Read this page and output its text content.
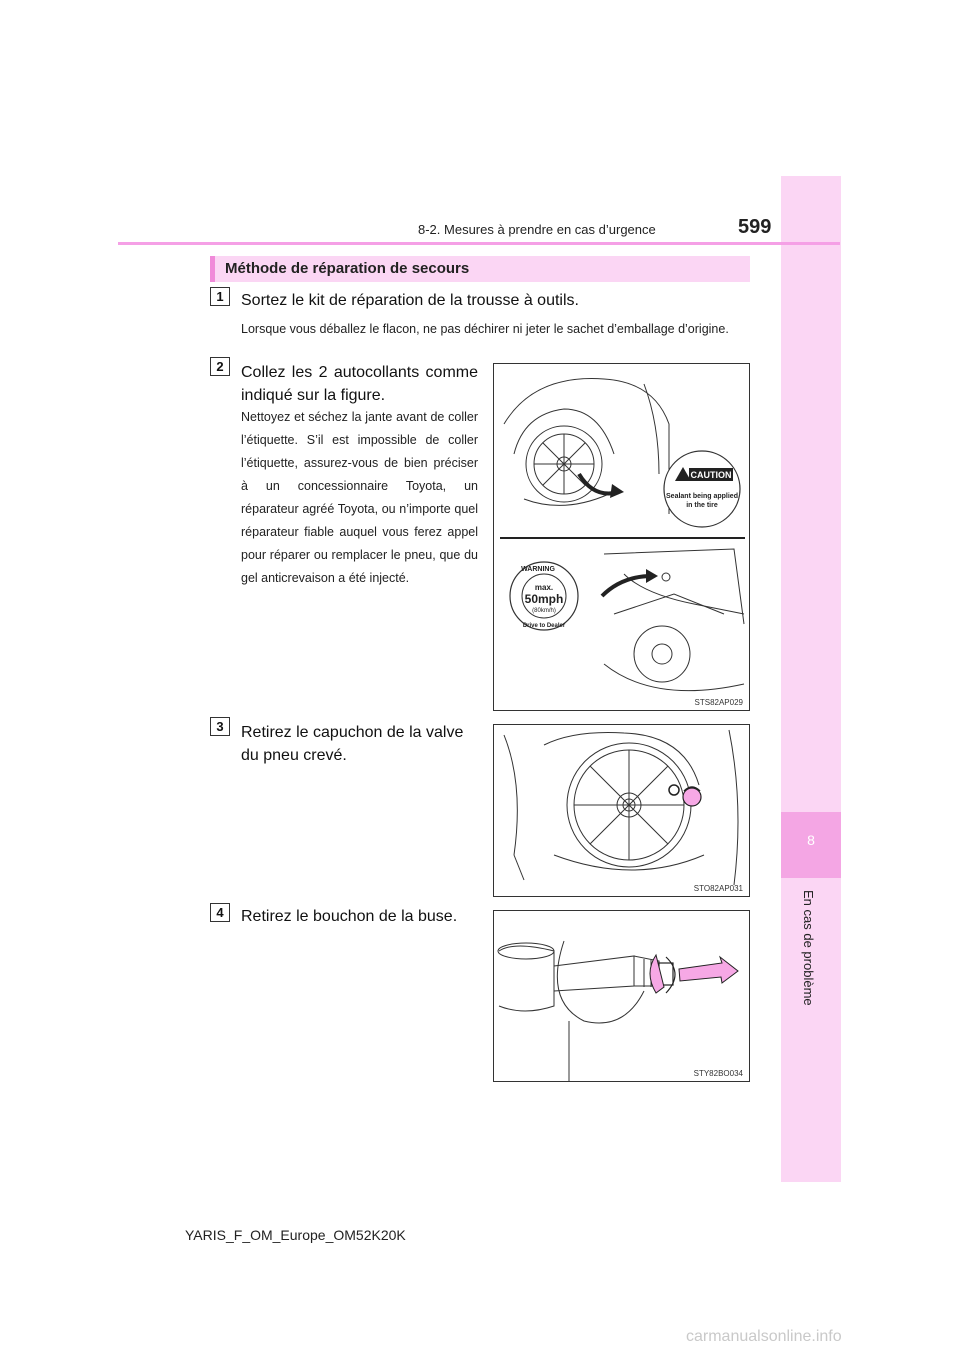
8
En cas de problème
8-2. Mesures à prendre en cas d’urgence	599
Méthode de réparation de secours
1	Sortez le kit de réparation de la trousse à outils.
Lorsque vous déballez le flacon, ne pas déchirer ni jeter le sachet d’emballage d’origine.
2	Collez les 2 autocollants comme indiqué sur la figure.
Nettoyez et séchez la jante avant de coller l’étiquette. S’il est impossible de coller l’étiquette, assurez-vous de bien préciser à un concessionnaire Toyota, un réparateur agréé Toyota, ou n’importe quel réparateur fiable auquel vous ferez appel pour réparer ou remplacer le pneu, que du gel anticrevaison a été injecté.
CAUTION
Sealant being applied
in the tire
WARNING
max.
50mph
(80km/h)
Drive to Dealer
STS82AP029
3	Retirez le capuchon de la valve du pneu crevé.
STO82AP031
4	Retirez le bouchon de la buse.
STY82BO034
YARIS_F_OM_Europe_OM52K20K
carmanualsonline.info
